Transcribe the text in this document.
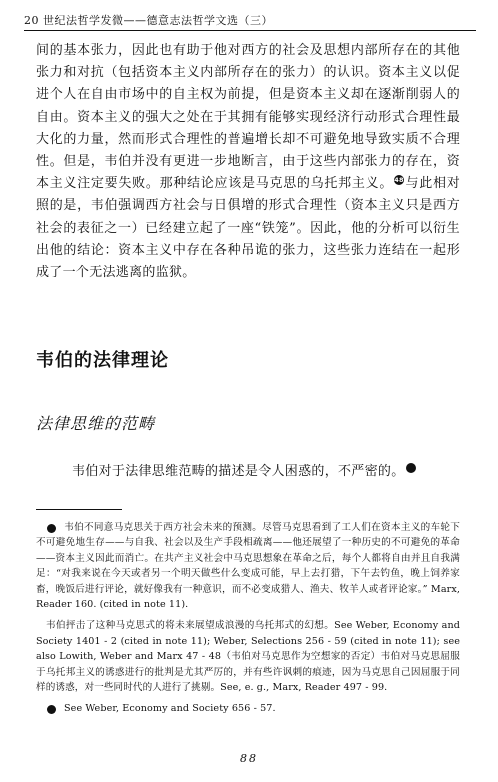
20 世纪法哲学发微——德意志法哲学文选（三）
间的基本张力，因此也有助于他对西方的社会及思想内部所存在的其他张力和对抗（包括资本主义内部所存在的张力）的认识。资本主义以促进个人在自由市场中的自主权为前提，但是资本主义却在逐渐削弱人的自由。资本主义的强大之处在于其拥有能够实现经济行动形式合理性最大化的力量，然而形式合理性的普遍增长却不可避免地导致实质不合理性。但是，韦伯并没有更进一步地断言，由于这些内部张力的存在，资本主义注定要失败。那种结论应该是马克思的乌托邦主义。48与此相对照的是，韦伯强调西方社会与日俱增的形式合理性（资本主义只是西方社会的表征之一）已经建立起了一座“铁笼”。因此，他的分析可以衍生出他的结论：资本主义中存在各种吊诡的张力，这些张力连结在一起形成了一个无法逃离的监狱。
韦伯的法律理论
法律思维的范畴
韦伯对于法律思维范畴的描述是令人困惑的，不严密的。	49

48韦伯不同意马克思关于西方社会未来的预测。尽管马克思看到了工人们在资本主义的车轮下不可避免地生存——与自我、社会以及生产手段相疏离——他还展望了一种历史的不可避免的革命——资本主义因此而消亡。在共产主义社会中马克思想象在革命之后，每个人都将自由并且自我满足：“对我来说在今天或者另一个明天做些什么变成可能，早上去打猎，下午去钓鱼，晚上饲养家畜，晚饭后进行评论，就好像我有一种意识，而不必变成猎人、渔夫、牧羊人或者评论家。” Marx, Reader 160. (cited in note 11).

韦伯抨击了这种马克思式的将未来展望成浪漫的乌托邦式的幻想。See Weber, Economy and Society 1401 - 2 (cited in note 11); Weber, Selections 256 - 59 (cited in note 11); see also Lowith, Weber and Marx 47 - 48（韦伯对马克思作为空想家的否定）韦伯对马克思屈服于乌托邦主义的诱惑进行的批判是尤其严厉的，并有些许讽刺的痕迹，因为马克思自己因屈服于同样的诱惑，对一些同时代的人进行了挑剔。See, e. g., Marx, Reader 497 - 99.

49See Weber, Economy and Society 656 - 57.

88
